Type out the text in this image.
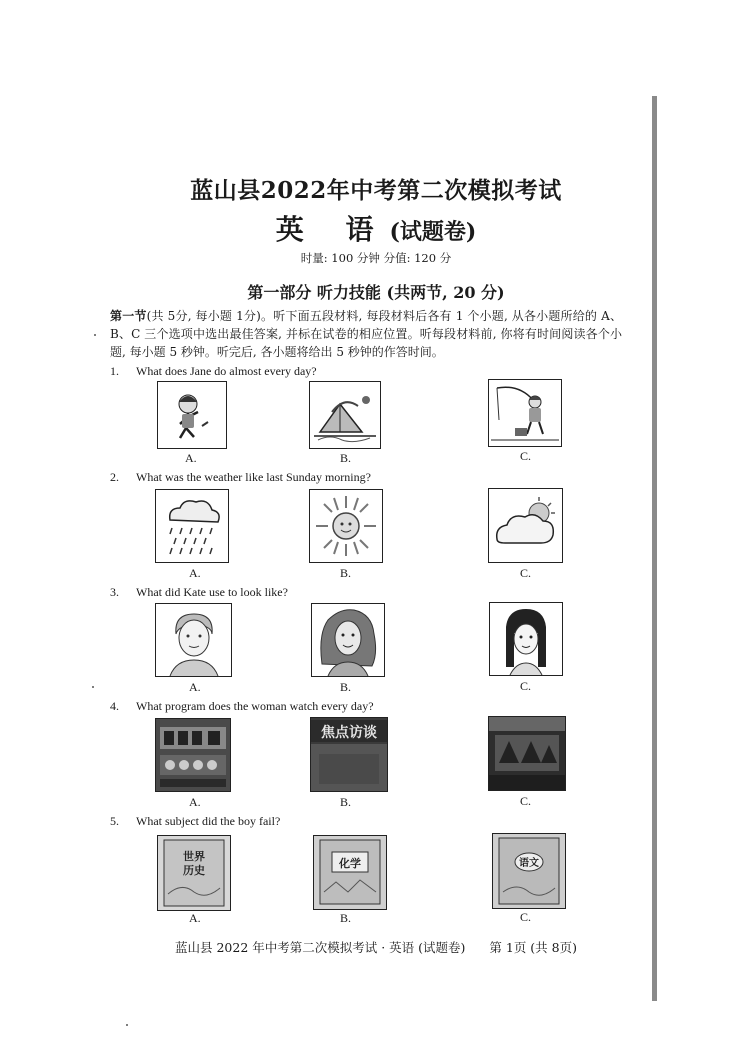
蓝山县2022年中考第二次模拟考试
英 语(试题卷)
时量: 100 分钟 分值: 120 分
第一部分 听力技能 (共两节, 20 分)
第一节(共 5分, 每小题 1分)。听下面五段材料, 每段材料后各有 1 个小题, 从各小题所给的 A、B、C 三个选项中选出最佳答案, 并标在试卷的相应位置。听每段材料前, 你将有时间阅读各个小题, 每小题 5 秒钟。听完后, 各小题将给出 5 秒钟的作答时间。
1. What does Jane do almost every day?
A.	B.	C.
2. What was the weather like last Sunday morning?
A.	B.	C.
3. What did Kate use to look like?
A.	B.	C.
4. What program does the woman watch every day?
焦点访谈
A.	B.	C.
5. What subject did the boy fail?
世界
历史
化学	语文
A.	B.	C.
蓝山县 2022 年中考第二次模拟考试 · 英语 (试题卷) 第 1页 (共 8页)
